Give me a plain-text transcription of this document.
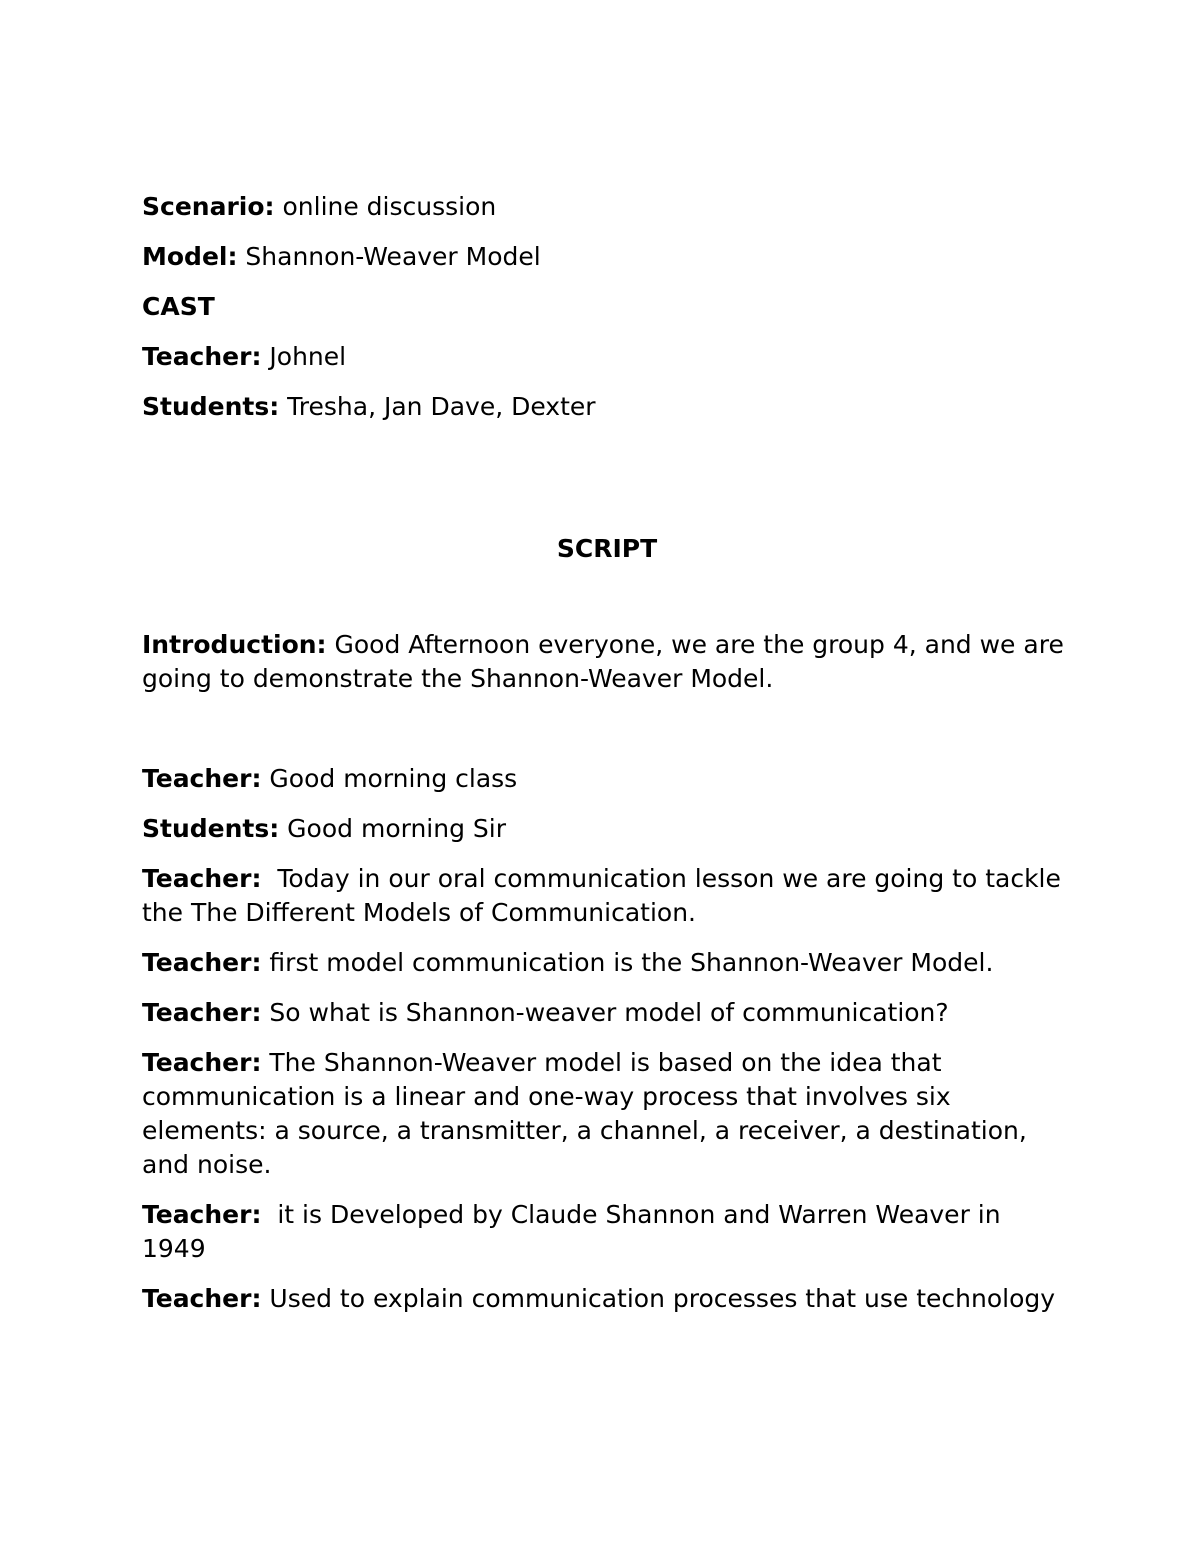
Scenario: online discussion

Model: Shannon-Weaver Model

CAST

Teacher: Johnel

Students: Tresha, Jan Dave, Dexter

SCRIPT

Introduction: Good Afternoon everyone, we are the group 4, and we are going to demonstrate the Shannon-Weaver Model.

Teacher: Good morning class

Students: Good morning Sir

Teacher:  Today in our oral communication lesson we are going to tackle the The Different Models of Communication.

Teacher: first model communication is the Shannon-Weaver Model.

Teacher: So what is Shannon-weaver model of communication?

Teacher: The Shannon-Weaver model is based on the idea that communication is a linear and one-way process that involves six elements: a source, a transmitter, a channel, a receiver, a destination, and noise.

Teacher:  it is Developed by Claude Shannon and Warren Weaver in 1949

Teacher: Used to explain communication processes that use technology
